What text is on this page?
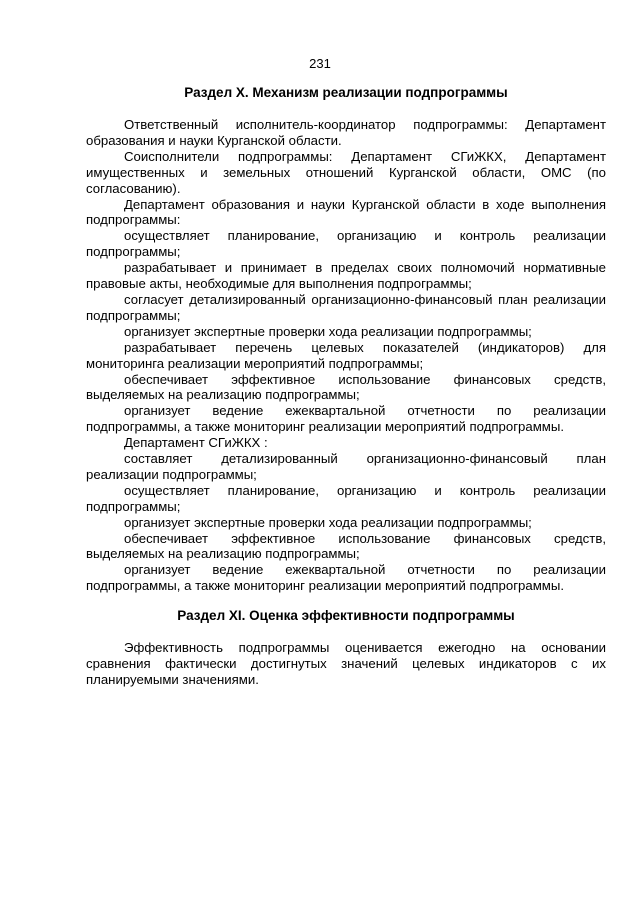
231
Раздел X. Механизм реализации подпрограммы

Ответственный исполнитель-координатор подпрограммы: Департамент образования и науки Курганской области.

Соисполнители подпрограммы: Департамент СГиЖКХ, Департамент имущественных и земельных отношений Курганской области, ОМС (по согласованию).

Департамент образования и науки Курганской области в ходе выполнения подпрограммы:

осуществляет планирование, организацию и контроль реализации подпрограммы;

разрабатывает и принимает в пределах своих полномочий нормативные правовые акты, необходимые для выполнения подпрограммы;

согласует детализированный организационно-финансовый план реализации подпрограммы;

организует экспертные проверки хода реализации подпрограммы;

разрабатывает перечень целевых показателей (индикаторов) для мониторинга реализации мероприятий подпрограммы;

обеспечивает эффективное использование финансовых средств, выделяемых на реализацию подпрограммы;

организует ведение ежеквартальной отчетности по реализации подпрограммы, а также мониторинг реализации мероприятий подпрограммы.

Департамент СГиЖКХ :

составляет детализированный организационно-финансовый план реализации подпрограммы;

осуществляет планирование, организацию и контроль реализации подпрограммы;

организует экспертные проверки хода реализации подпрограммы;

обеспечивает эффективное использование финансовых средств, выделяемых на реализацию подпрограммы;

организует ведение ежеквартальной отчетности по реализации подпрограммы, а также мониторинг реализации мероприятий подпрограммы.

Раздел XI. Оценка эффективности подпрограммы

Эффективность подпрограммы оценивается ежегодно на основании сравнения фактически достигнутых значений целевых индикаторов с их планируемыми значениями.
